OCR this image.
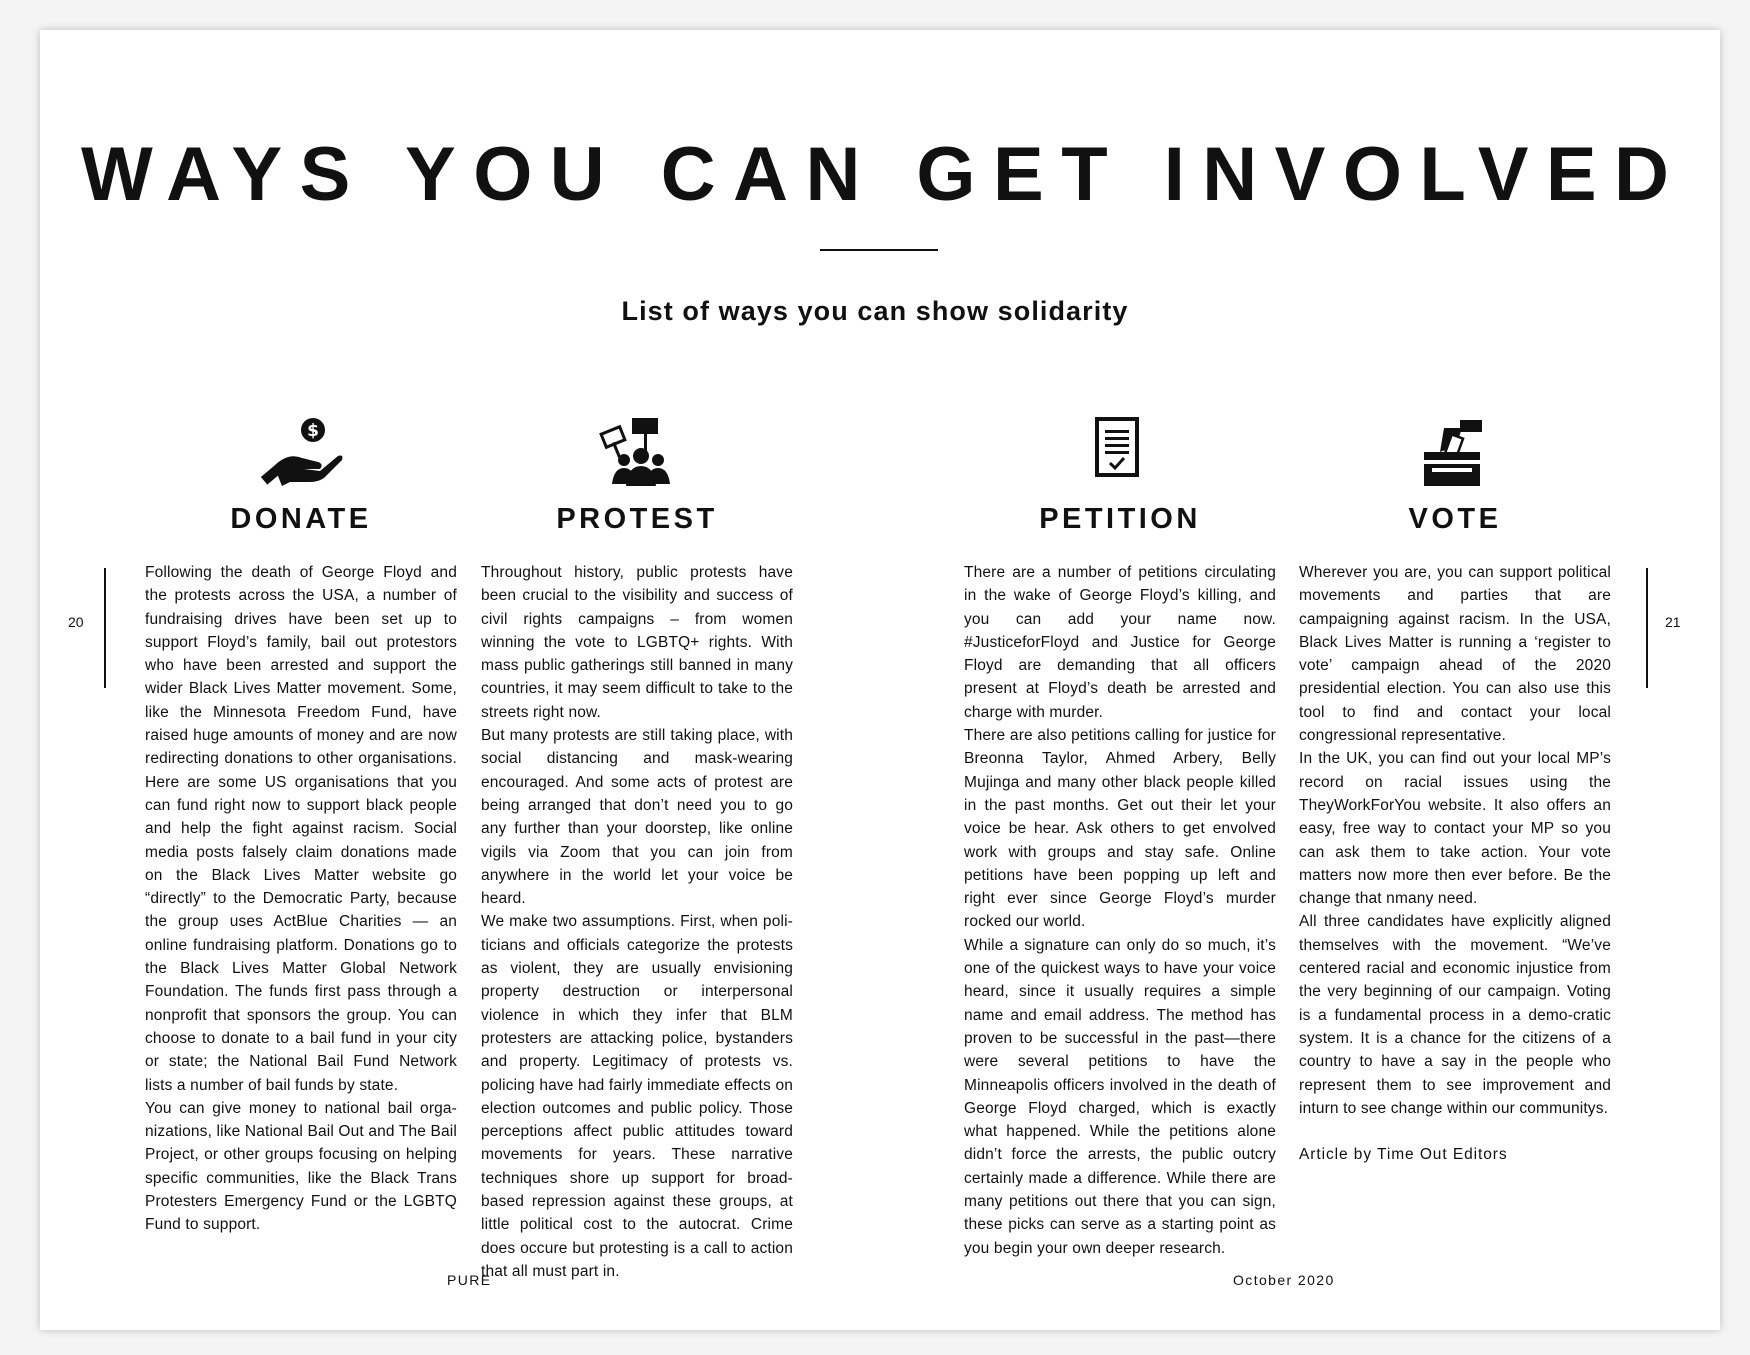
WAYS YOU CAN GET INVOLVED
List of ways you can show solidarity
$
DONATE	PROTEST	PETITION	VOTE

Following the death of George Floyd and the protests across the USA, a number of fundraising drives have been set up to support Floyd’s family, bail out protestors who have been arrested and support the wider Black Lives Matter movement. Some, like the Minnesota Freedom Fund, have raised huge amounts of money and are now redirecting donations to other organisations. Here are some US organisations that you can fund right now to support black people and help the fight against racism. Social media posts falsely claim donations made on the Black Lives Matter website go “directly” to the Democratic Party, because the group uses ActBlue Charities — an online fundraising platform. Donations go to the Black Lives Matter Global Network Foundation. The funds first pass through a nonprofit that sponsors the group. You can choose to donate to a bail fund in your city or state; the National Bail Fund Network lists a number of bail funds by state.

You can give money to national bail orga-nizations, like National Bail Out and The Bail Project, or other groups focusing on helping specific communities, like the Black Trans Protesters Emergency Fund or the LGBTQ Fund to support.

Throughout history, public protests have been crucial to the visibility and success of civil rights campaigns – from women winning the vote to LGBTQ+ rights. With mass public gatherings still banned in many countries, it may seem difficult to take to the streets right now.

But many protests are still taking place, with social distancing and mask-wearing encouraged. And some acts of protest are being arranged that don’t need you to go any further than your doorstep, like online vigils via Zoom that you can join from anywhere in the world let your voice be heard.

We make two assumptions. First, when poli-ticians and officials categorize the protests as violent, they are usually envisioning property destruction or interpersonal violence in which they infer that BLM protesters are attacking police, bystanders and property. Legitimacy of protests vs. policing have had fairly immediate effects on election outcomes and public policy. Those perceptions affect public attitudes toward movements for years. These narrative techniques shore up support for broad-based repression against these groups, at little political cost to the autocrat. Crime does occure but protesting is a call to action that all must part in.

There are a number of petitions circulating in the wake of George Floyd’s killing, and you can add your name now. #JusticeforFloyd and Justice for George Floyd are demanding that all officers present at Floyd’s death be arrested and charge with murder.

There are also petitions calling for justice for Breonna Taylor, Ahmed Arbery, Belly Mujinga and many other black people killed in the past months. Get out their let your voice be hear. Ask others to get envolved work with groups and stay safe. Online petitions have been popping up left and right ever since George Floyd’s murder rocked our world.

While a signature can only do so much, it’s one of the quickest ways to have your voice heard, since it usually requires a simple name and email address. The method has proven to be successful in the past—there were several petitions to have the Minneapolis officers involved in the death of George Floyd charged, which is exactly what happened. While the petitions alone didn’t force the arrests, the public outcry certainly made a difference. While there are many petitions out there that you can sign, these picks can serve as a starting point as you begin your own deeper research.

Wherever you are, you can support political movements and parties that are campaigning against racism. In the USA, Black Lives Matter is running a ‘register to vote’ campaign ahead of the 2020 presidential election. You can also use this tool to find and contact your local congressional representative.

In the UK, you can find out your local MP’s record on racial issues using the TheyWorkForYou website. It also offers an easy, free way to contact your MP so you can ask them to take action. Your vote matters now more then ever before. Be the change that nmany need.

All three candidates have explicitly aligned themselves with the movement. “We’ve centered racial and economic injustice from the very beginning of our campaign. Voting is a fundamental process in a demo-cratic system. It is a chance for the citizens of a country to have a say in the people who represent them to see improvement and inturn to see change within our communitys.

Article by Time Out Editors

20	21
PURE	October 2020
